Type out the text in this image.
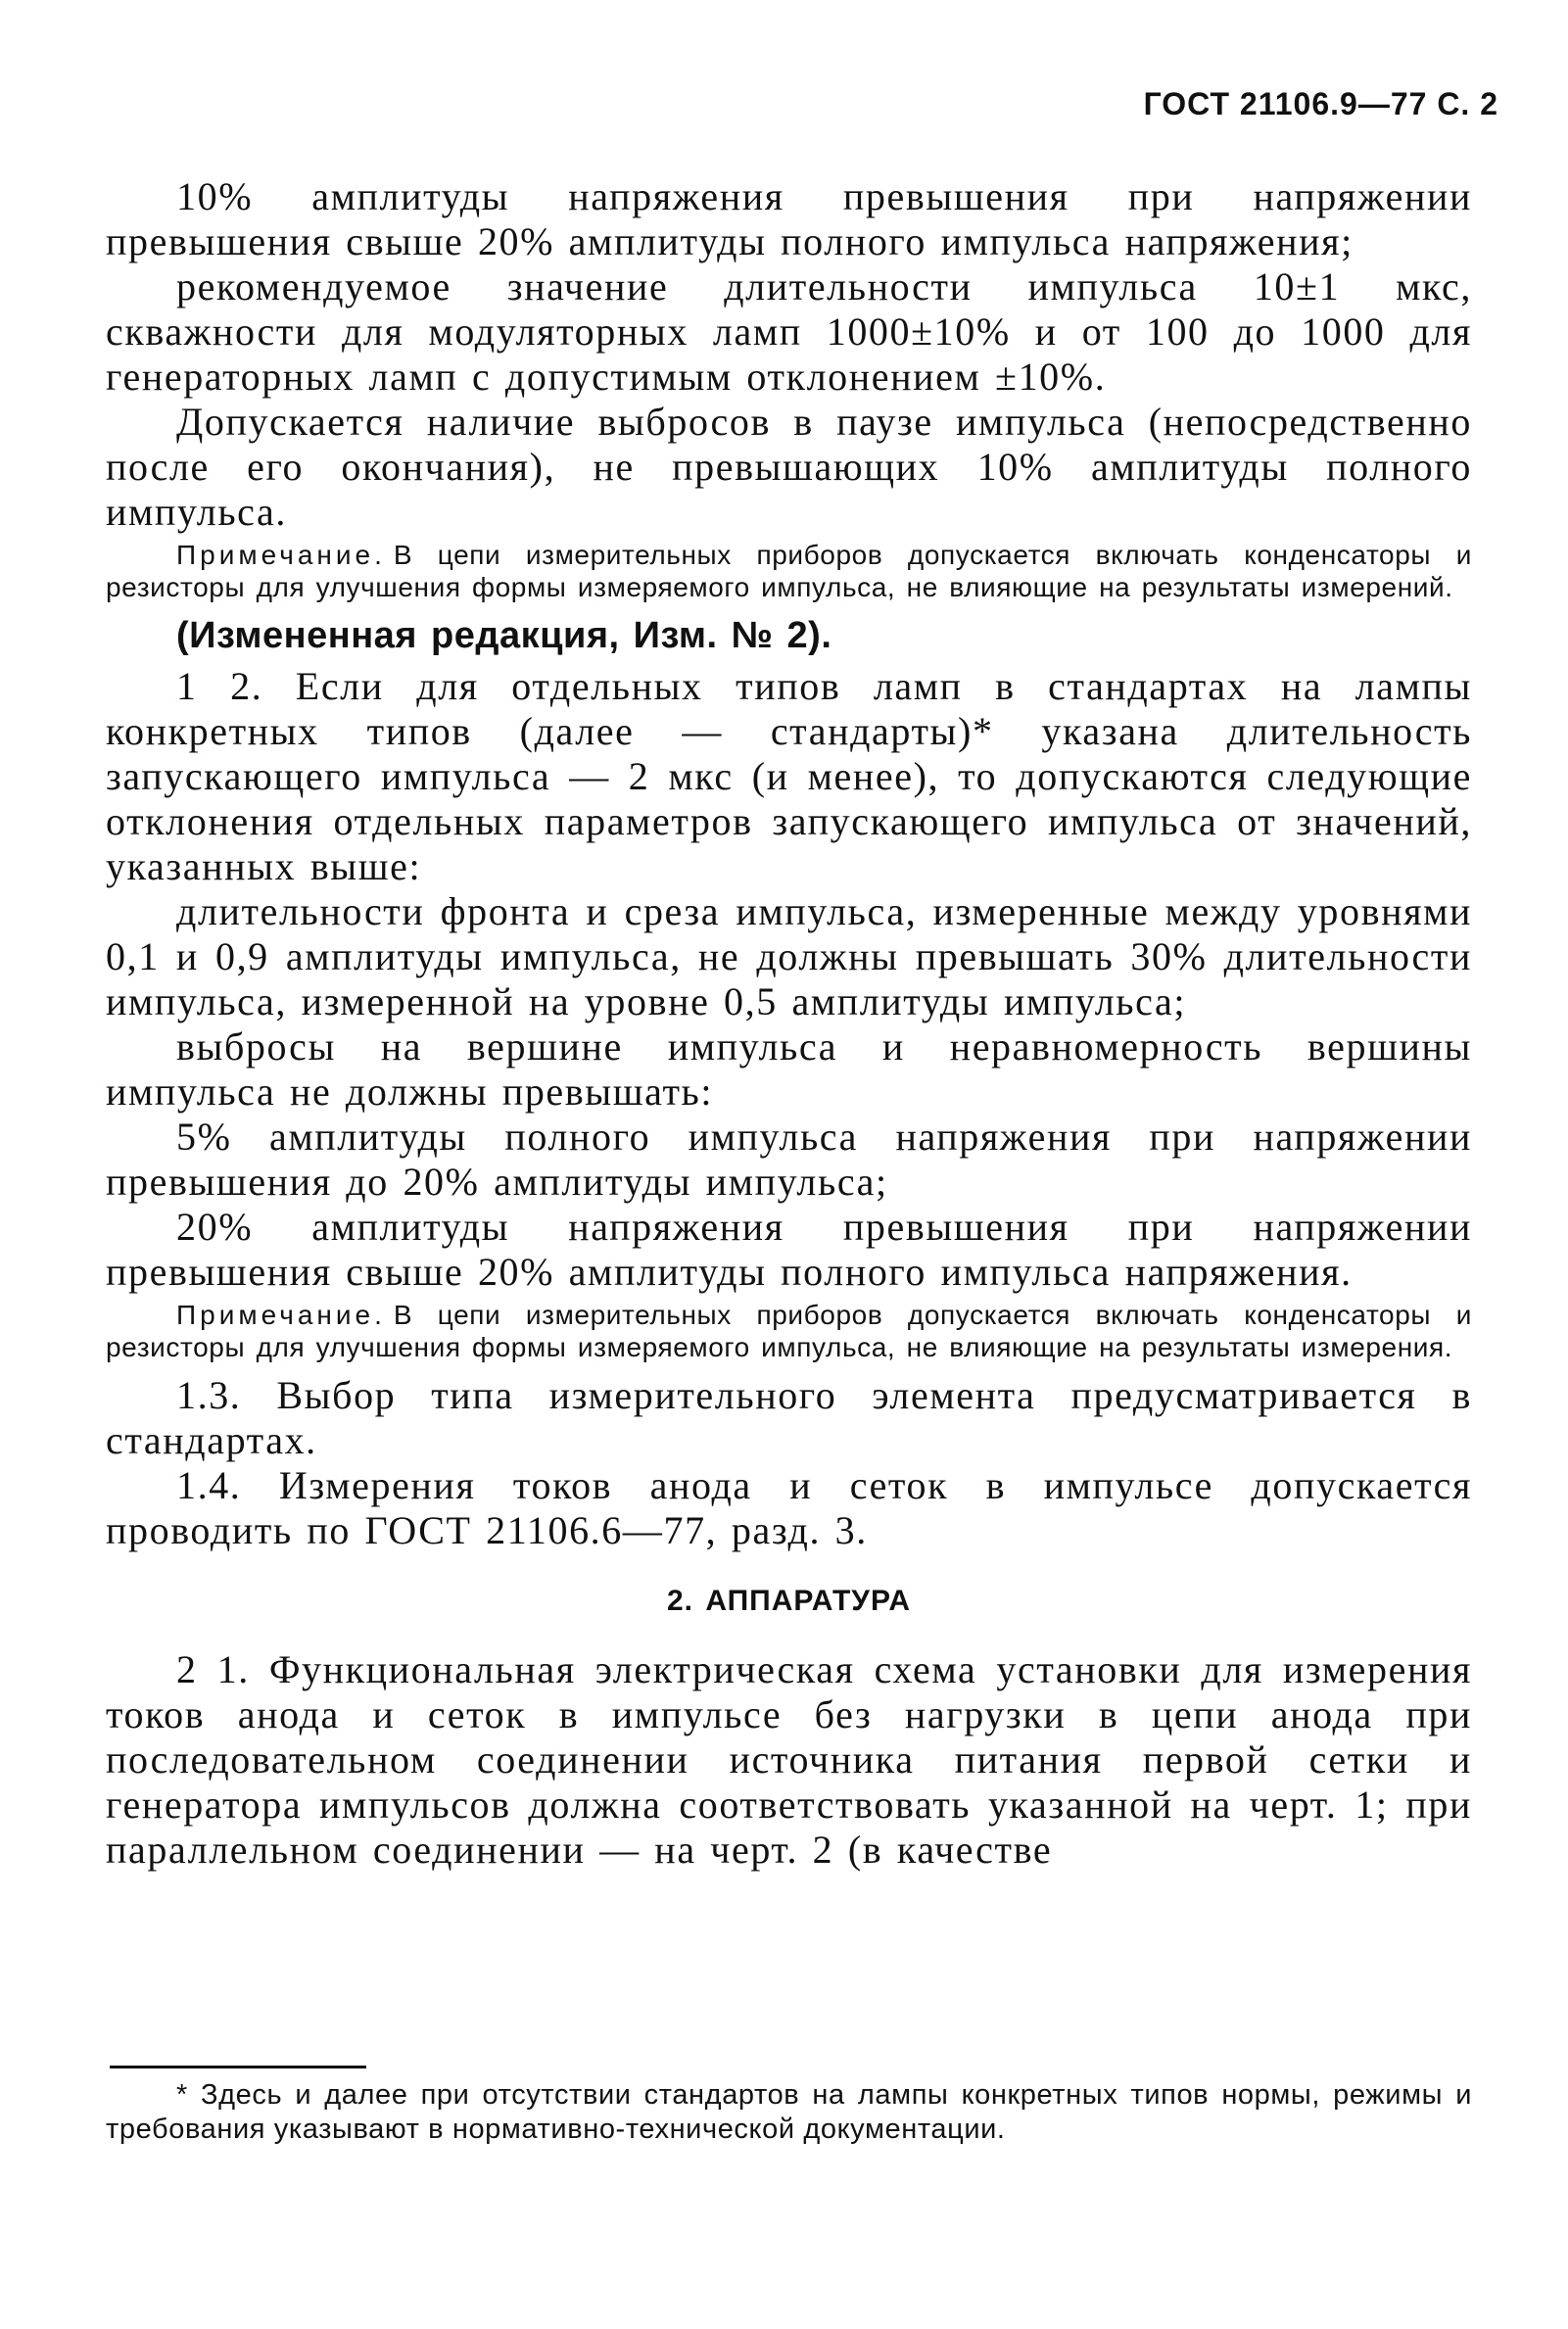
ГОСТ 21106.9—77 С. 2

10% амплитуды напряжения превышения при напряжении превышения свыше 20% амплитуды полного импульса напряжения;

рекомендуемое значение длительности импульса 10±1 мкс, скважности для модуляторных ламп 1000±10% и от 100 до 1000 для генераторных ламп с допустимым отклонением ±10%.

Допускается наличие выбросов в паузе импульса (непосредственно после его окончания), не превышающих 10% амплитуды полного импульса.

Примечание. В цепи измерительных приборов допускается включать конденсаторы и резисторы для улучшения формы измеряемого импульса, не влияющие на результаты измерений.

(Измененная редакция, Изм. № 2).

1 2. Если для отдельных типов ламп в стандартах на лампы конкретных типов (далее — стандарты)* указана длительность запускающего импульса — 2 мкс (и менее), то допускаются следующие отклонения отдельных параметров запускающего импульса от значений, указанных выше:

длительности фронта и среза импульса, измеренные между уровнями 0,1 и 0,9 амплитуды импульса, не должны превышать 30% длительности импульса, измеренной на уровне 0,5 амплитуды импульса;

выбросы на вершине импульса и неравномерность вершины импульса не должны превышать:

5% амплитуды полного импульса напряжения при напряжении превышения до 20% амплитуды импульса;

20% амплитуды напряжения превышения при напряжении превышения свыше 20% амплитуды полного импульса напряжения.

Примечание. В цепи измерительных приборов допускается включать конденсаторы и резисторы для улучшения формы измеряемого импульса, не влияющие на результаты измерения.

1.3. Выбор типа измерительного элемента предусматривается в стандартах.

1.4. Измерения токов анода и сеток в импульсе допускается проводить по ГОСТ 21106.6—77, разд. 3.

2. АППАРАТУРА

2 1. Функциональная электрическая схема установки для измерения токов анода и сеток в импульсе без нагрузки в цепи анода при последовательном соединении источника питания первой сетки и генератора импульсов должна соответствовать указанной на черт. 1; при параллельном соединении — на черт. 2 (в качестве

* Здесь и далее при отсутствии стандартов на лампы конкретных типов нормы, режимы и требования указывают в нормативно-технической документации.
